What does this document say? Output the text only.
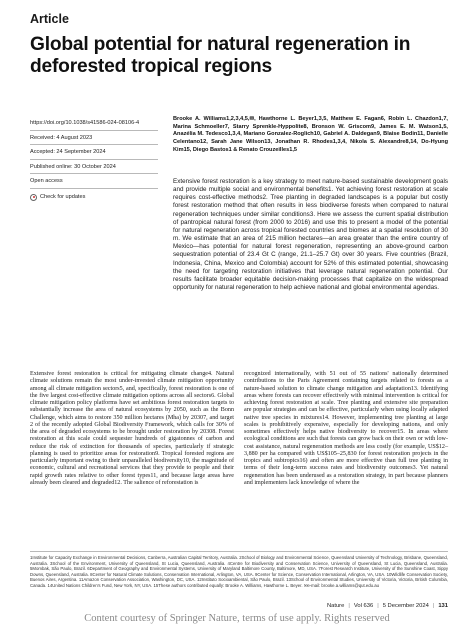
Article
Global potential for natural regeneration in deforested tropical regions
https://doi.org/10.1038/s41586-024-08106-4
Received: 4 August 2023
Accepted: 24 September 2024
Published online: 30 October 2024
Open access
Check for updates
Brooke A. Williams1,2,3,4,5,✉, Hawthorne L. Beyer1,3,5, Matthew E. Fagan6, Robin L. Chazdon1,7, Marina Schmoeller7, Starry Sprenkle-Hyppolite8, Bronson W. Griscom9, James E. M. Watson1,5, Anazélia M. Tedesco1,3,4, Mariano Gonzalez-Roglich10, Gabriel A. Daldegan9, Blaise Bodin11, Danielle Celentano12, Sarah Jane Wilson13, Jonathan R. Rhodes1,3,4, Nikola S. Alexandre8,14, Do-Hyung Kim15, Diego Bastos1 & Renato Crouzeilles1,5
Extensive forest restoration is a key strategy to meet nature-based sustainable development goals and provide multiple social and environmental benefits1. Yet achieving forest restoration at scale requires cost-effective methods2. Tree planting in degraded landscapes is a popular but costly forest restoration method that often results in less biodiverse forests when compared to natural regeneration techniques under similar conditions3. Here we assess the current spatial distribution of pantropical natural forest (from 2000 to 2016) and use this to present a model of the potential for natural regeneration across tropical forested countries and biomes at a spatial resolution of 30 m. We estimate that an area of 215 million hectares—an area greater than the entire country of Mexico—has potential for natural forest regeneration, representing an above-ground carbon sequestration potential of 23.4 Gt C (range, 21.1–25.7 Gt) over 30 years. Five countries (Brazil, Indonesia, China, Mexico and Colombia) account for 52% of this estimated potential, showcasing the need for targeting restoration initiatives that leverage natural regeneration potential. Our results facilitate broader equitable decision-making processes that capitalize on the widespread opportunity for natural regeneration to help achieve national and global environmental agendas.
Extensive forest restoration is critical for mitigating climate change4. Natural climate solutions remain the most under-invested climate mitigation opportunity among all climate mitigation sectors5, and, specifically, forest restoration is one of the five largest cost-effective climate mitigation options across all sectors6. Global climate mitigation policy platforms have set ambitious forest restoration targets to substantially increase the area of natural ecosystems by 2050, such as the Bonn Challenge, which aims to restore 350 million hectares (Mha) by 20307, and target 2 of the recently adopted Global Biodiversity Framework, which calls for 30% of the area of degraded ecosystems to be brought under restoration by 20308. Forest restoration at this scale could sequester hundreds of gigatonnes of carbon and reduce the risk of extinction for thousands of species, particularly if strategic planning is used to prioritize areas for restoration9. Tropical forested regions are particularly important owing to their unparalleled biodiversity10, the magnitude of economic, cultural and recreational services that they provide to people and their rapid growth rates relative to other forest types11, and because large areas have already been cleared and degraded12. The salience of reforestation is
recognized internationally, with 51 out of 55 nations' nationally determined contributions to the Paris Agreement containing targets related to forests as a nature-based solution to climate change mitigation and adaptation13. Identifying areas where forests can recover effectively with minimal intervention is critical for achieving forest restoration at scale. Tree planting and extensive site preparation are popular strategies and can be effective, particularly when using locally adapted native tree species in mixtures14. However, implementing tree planting at large scales is prohibitively expensive, especially for developing nations, and only sometimes effectively helps native biodiversity to recover15. In areas where ecological conditions are such that forests can grow back on their own or with low-cost assistance, natural regeneration methods are less costly (for example, US$12–3,880 per ha compared with US$105–25,830 for forest restoration projects in the tropics and subtropics16) and often are more effective than full tree planting in terms of their long-term success rates and biodiversity outcomes3. Yet natural regeneration has been underused as a restoration strategy, in part because planners and implementers lack knowledge of where the
1Institute for Capacity Exchange in Environmental Decisions, Canberra, Australian Capital Territory, Australia. 2School of Biology and Environmental Science, Queensland University of Technology, Brisbane, Queensland, Australia. 3School of the Environment, University of Queensland, St Lucia, Queensland, Australia. 4Centre for Biodiversity and Conservation Science, University of Queensland, St Lucia, Queensland, Australia. 5Mombak, São Paulo, Brazil. 6Department of Geography and Environmental Systems, University of Maryland Baltimore County, Baltimore, MD, USA. 7Forest Research Institute, University of the Sunshine Coast, Sippy Downs, Queensland, Australia. 8Center for Natural Climate Solutions, Conservation International, Arlington, VA, USA. 9Center for Science, Conservation International, Arlington, VA, USA. 10Wildlife Conservation Society, Buenos Aires, Argentina. 11Amazon Conservation Association, Washington, DC, USA. 12Instituto Socioambiental, São Paulo, Brazil. 13School of Environmental Studies, University of Victoria, Victoria, British Columbia, Canada. 14United Nations Children's Fund, New York, NY, USA. 15These authors contributed equally: Brooke A. Williams, Hawthorne L. Beyer. ✉e-mail: brooke.a.williams@qut.edu.au
Nature | Vol 636 | 5 December 2024 | 131
Content courtesy of Springer Nature, terms of use apply. Rights reserved
